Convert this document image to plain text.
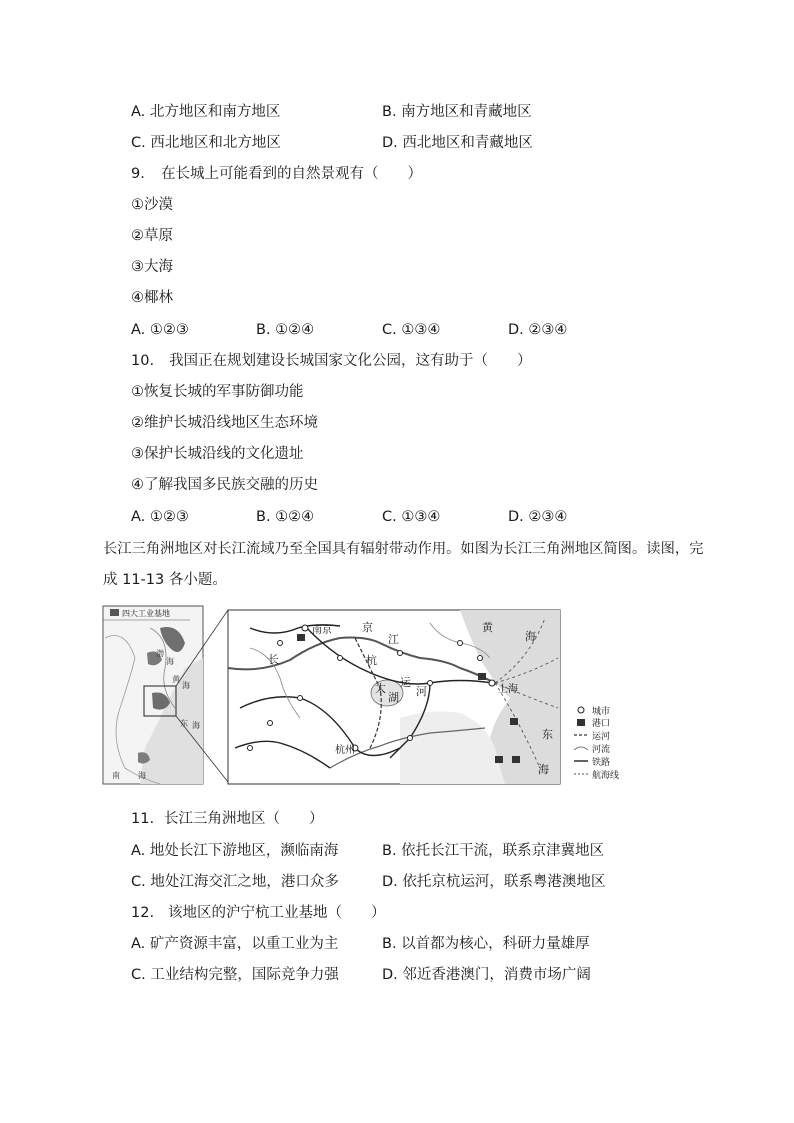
A. 北方地区和南方地区	B. 南方地区和青藏地区
C. 西北地区和北方地区	D. 西北地区和青藏地区
9. 在长城上可能看到的自然景观有（　　）
①沙漠
②草原
③大海
④椰林
A. ①②③	B. ①②④	C. ①③④	D. ②③④
10. 我国正在规划建设长城国家文化公园，这有助于（　　）
①恢复长城的军事防御功能
②维护长城沿线地区生态环境
③保护长城沿线的文化遗址
④了解我国多民族交融的历史
A. ①②③	B. ①②④	C. ①③④	D. ②③④
长江三角洲地区对长江流域乃至全国具有辐射带动作用。如图为长江三角洲地区简图。读图，完
成 11-13 各小题。
四大工业基地
渤
海
黄
海
东 海
南 海
南京
杭州
上海
黄
海
东
海
长
京
江
杭
运
河
太
湖
城市
港口
运河
河流
铁路
航海线
11. 长江三角洲地区（　　）
A. 地处长江下游地区，濒临南海	B. 依托长江干流，联系京津冀地区
C. 地处江海交汇之地，港口众多	D. 依托京杭运河，联系粤港澳地区
12. 该地区的沪宁杭工业基地（　　）
A. 矿产资源丰富，以重工业为主	B. 以首都为核心，科研力量雄厚
C. 工业结构完整，国际竞争力强	D. 邻近香港澳门，消费市场广阔
